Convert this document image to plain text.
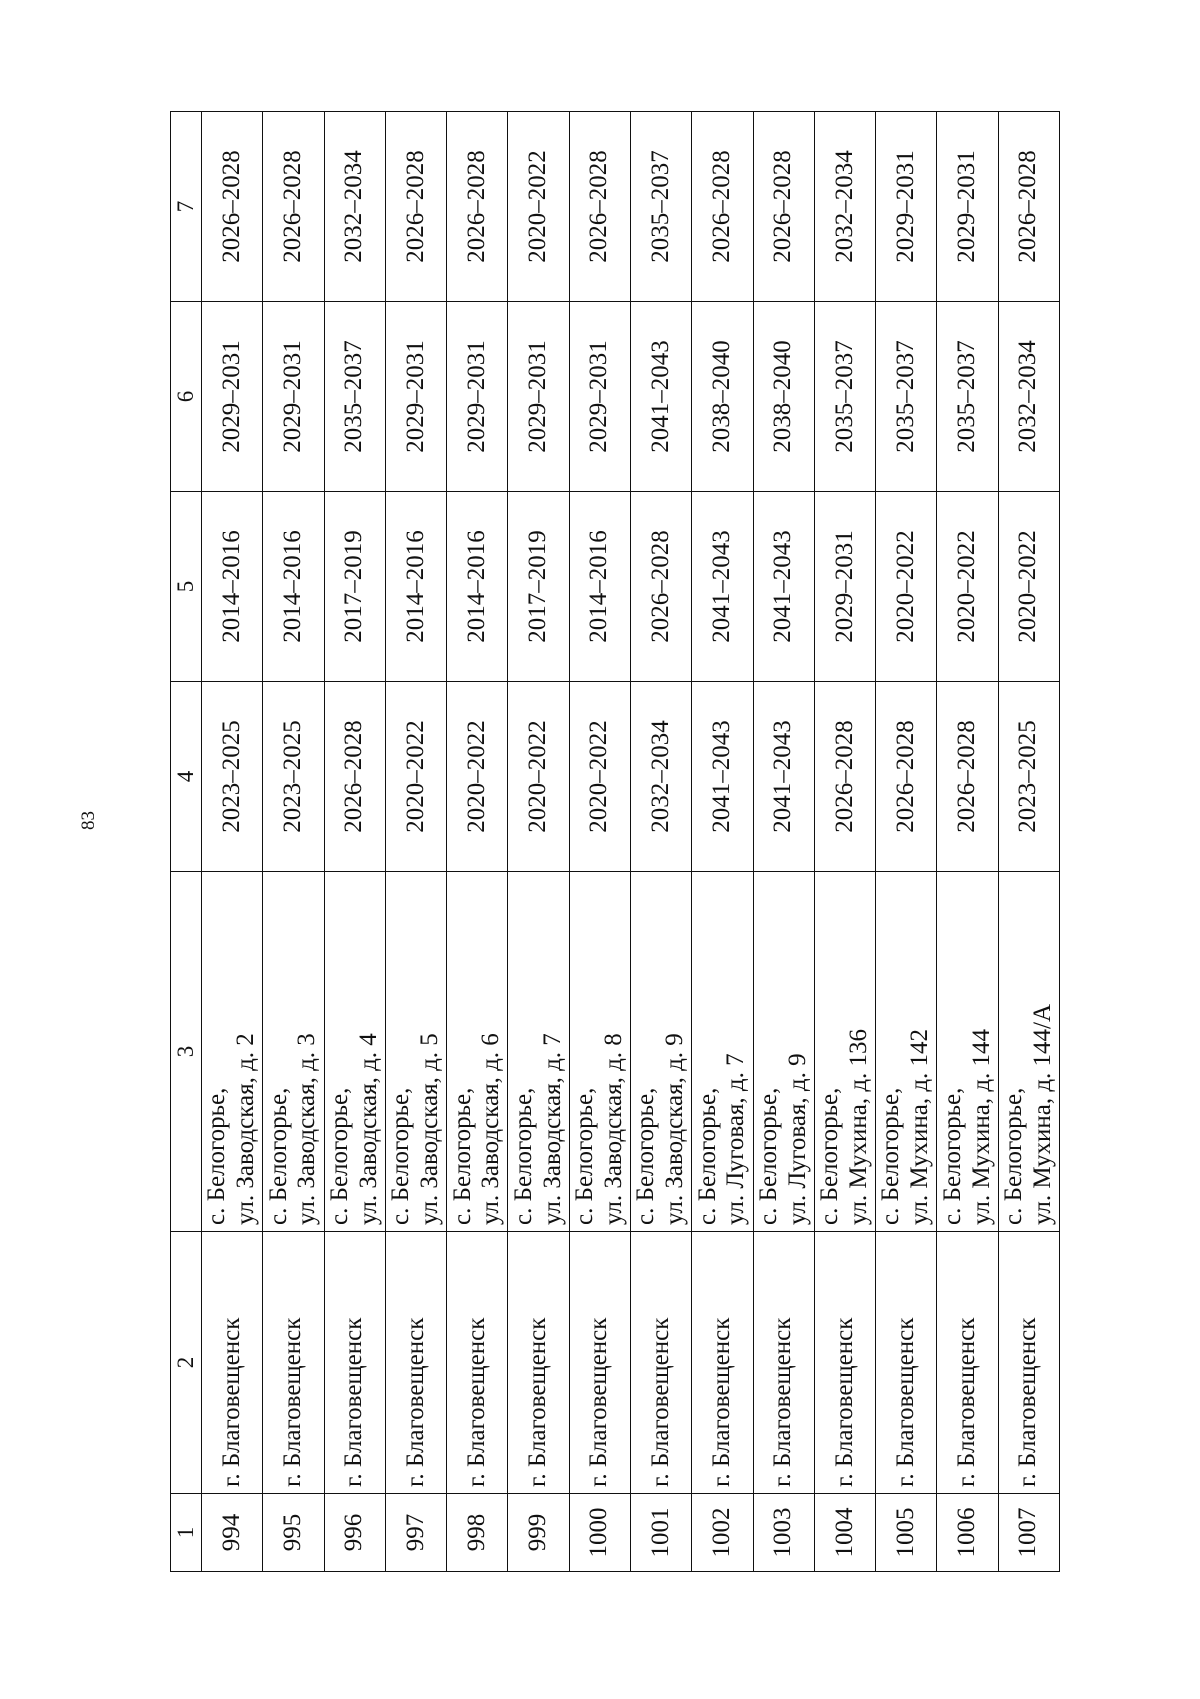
83
1	2	3	4	5	6	7
994	г. Благовещенск	с. Белогорье, ул. Заводская, д. 2	2023–2025	2014–2016	2029–2031	2026–2028
995	г. Благовещенск	с. Белогорье, ул. Заводская, д. 3	2023–2025	2014–2016	2029–2031	2026–2028
996	г. Благовещенск	с. Белогорье, ул. Заводская, д. 4	2026–2028	2017–2019	2035–2037	2032–2034
997	г. Благовещенск	с. Белогорье, ул. Заводская, д. 5	2020–2022	2014–2016	2029–2031	2026–2028
998	г. Благовещенск	с. Белогорье, ул. Заводская, д. 6	2020–2022	2014–2016	2029–2031	2026–2028
999	г. Благовещенск	с. Белогорье, ул. Заводская, д. 7	2020–2022	2017–2019	2029–2031	2020–2022
1000	г. Благовещенск	с. Белогорье, ул. Заводская, д. 8	2020–2022	2014–2016	2029–2031	2026–2028
1001	г. Благовещенск	с. Белогорье, ул. Заводская, д. 9	2032–2034	2026–2028	2041–2043	2035–2037
1002	г. Благовещенск	с. Белогорье, ул. Луговая, д. 7	2041–2043	2041–2043	2038–2040	2026–2028
1003	г. Благовещенск	с. Белогорье, ул. Луговая, д. 9	2041–2043	2041–2043	2038–2040	2026–2028
1004	г. Благовещенск	с. Белогорье, ул. Мухина, д. 136	2026–2028	2029–2031	2035–2037	2032–2034
1005	г. Благовещенск	с. Белогорье, ул. Мухина, д. 142	2026–2028	2020–2022	2035–2037	2029–2031
1006	г. Благовещенск	с. Белогорье, ул. Мухина, д. 144	2026–2028	2020–2022	2035–2037	2029–2031
1007	г. Благовещенск	с. Белогорье, ул. Мухина, д. 144/А	2023–2025	2020–2022	2032–2034	2026–2028
